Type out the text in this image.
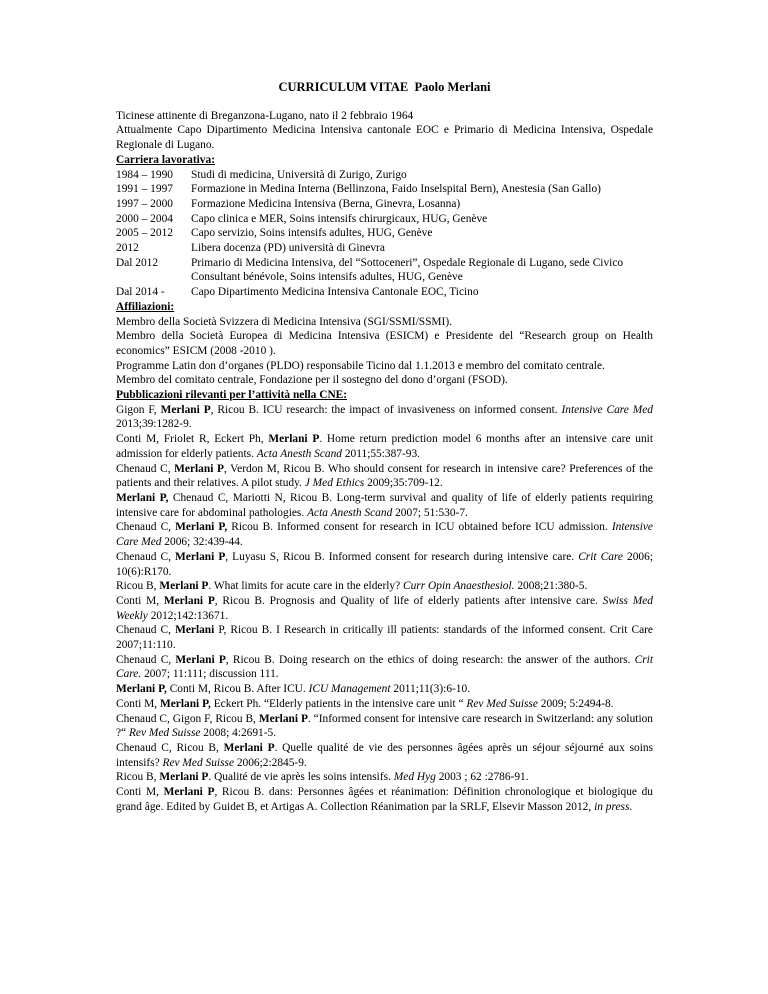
CURRICULUM VITAE Paolo Merlani

Ticinese attinente di Breganzona-Lugano, nato il 2 febbraio 1964

Attualmente Capo Dipartimento Medicina Intensiva cantonale EOC e Primario di Medicina Intensiva, Ospedale Regionale di Lugano.

Carriera lavorativa:

1984 – 1990	Studi di medicina, Università di Zurigo, Zurigo
1991 – 1997	Formazione in Medina Interna (Bellinzona, Faido Inselspital Bern), Anestesia (San Gallo)
1997 – 2000	Formazione Medicina Intensiva (Berna, Ginevra, Losanna)
2000 – 2004	Capo clinica e MER, Soins intensifs chirurgicaux, HUG, Genève
2005 – 2012	Capo servizio, Soins intensifs adultes, HUG, Genève
2012	Libera docenza (PD) università di Ginevra
Dal 2012	Primario di Medicina Intensiva, del “Sottoceneri”, Ospedale Regionale di Lugano, sede Civico
Consultant bénévole, Soins intensifs adultes, HUG, Genève
Dal 2014 -	Capo Dipartimento Medicina Intensiva Cantonale EOC, Ticino

Affiliazioni:

Membro della Società Svizzera di Medicina Intensiva (SGI/SSMI/SSMI).

Membro della Società Europea di Medicina Intensiva (ESICM) e Presidente del “Research group on Health economics” ESICM (2008 -2010 ).

Programme Latin don d’organes (PLDO) responsabile Ticino dal 1.1.2013 e membro del comitato centrale.

Membro del comitato centrale, Fondazione per il sostegno del dono d’organi (FSOD).

Pubblicazioni rilevanti per l’attività nella CNE:

Gigon F, Merlani P, Ricou B. ICU research: the impact of invasiveness on informed consent. Intensive Care Med 2013;39:1282-9.

Conti M, Friolet R, Eckert Ph, Merlani P. Home return prediction model 6 months after an intensive care unit admission for elderly patients. Acta Anesth Scand 2011;55:387-93.

Chenaud C, Merlani P, Verdon M, Ricou B. Who should consent for research in intensive care? Preferences of the patients and their relatives. A pilot study. J Med Ethics 2009;35:709-12.

Merlani P, Chenaud C, Mariotti N, Ricou B. Long-term survival and quality of life of elderly patients requiring intensive care for abdominal pathologies. Acta Anesth Scand 2007; 51:530-7.

Chenaud C, Merlani P, Ricou B. Informed consent for research in ICU obtained before ICU admission. Intensive Care Med 2006; 32:439-44.

Chenaud C, Merlani P, Luyasu S, Ricou B. Informed consent for research during intensive care. Crit Care 2006; 10(6):R170.

Ricou B, Merlani P. What limits for acute care in the elderly? Curr Opin Anaesthesiol. 2008;21:380-5.

Conti M, Merlani P, Ricou B. Prognosis and Quality of life of elderly patients after intensive care. Swiss Med Weekly 2012;142:13671.

Chenaud C, Merlani P, Ricou B. I Research in critically ill patients: standards of the informed consent. Crit Care 2007;11:110.

Chenaud C, Merlani P, Ricou B. Doing research on the ethics of doing research: the answer of the authors. Crit Care. 2007; 11:111; discussion 111.

Merlani P, Conti M, Ricou B. After ICU. ICU Management 2011;11(3):6-10.

Conti M, Merlani P, Eckert Ph. “Elderly patients in the intensive care unit “ Rev Med Suisse 2009; 5:2494-8.

Chenaud C, Gigon F, Ricou B, Merlani P. “Informed consent for intensive care research in Switzerland: any solution ?“ Rev Med Suisse 2008; 4:2691-5.

Chenaud C, Ricou B, Merlani P. Quelle qualité de vie des personnes âgées après un séjour séjourné aux soins intensifs? Rev Med Suisse 2006;2:2845-9.

Ricou B, Merlani P. Qualité de vie après les soins intensifs. Med Hyg 2003 ; 62 :2786-91.

Conti M, Merlani P, Ricou B. dans: Personnes âgées et réanimation: Définition chronologique et biologique du grand âge. Edited by Guidet B, et Artigas A. Collection Réanimation par la SRLF, Elsevir Masson 2012, in press.
